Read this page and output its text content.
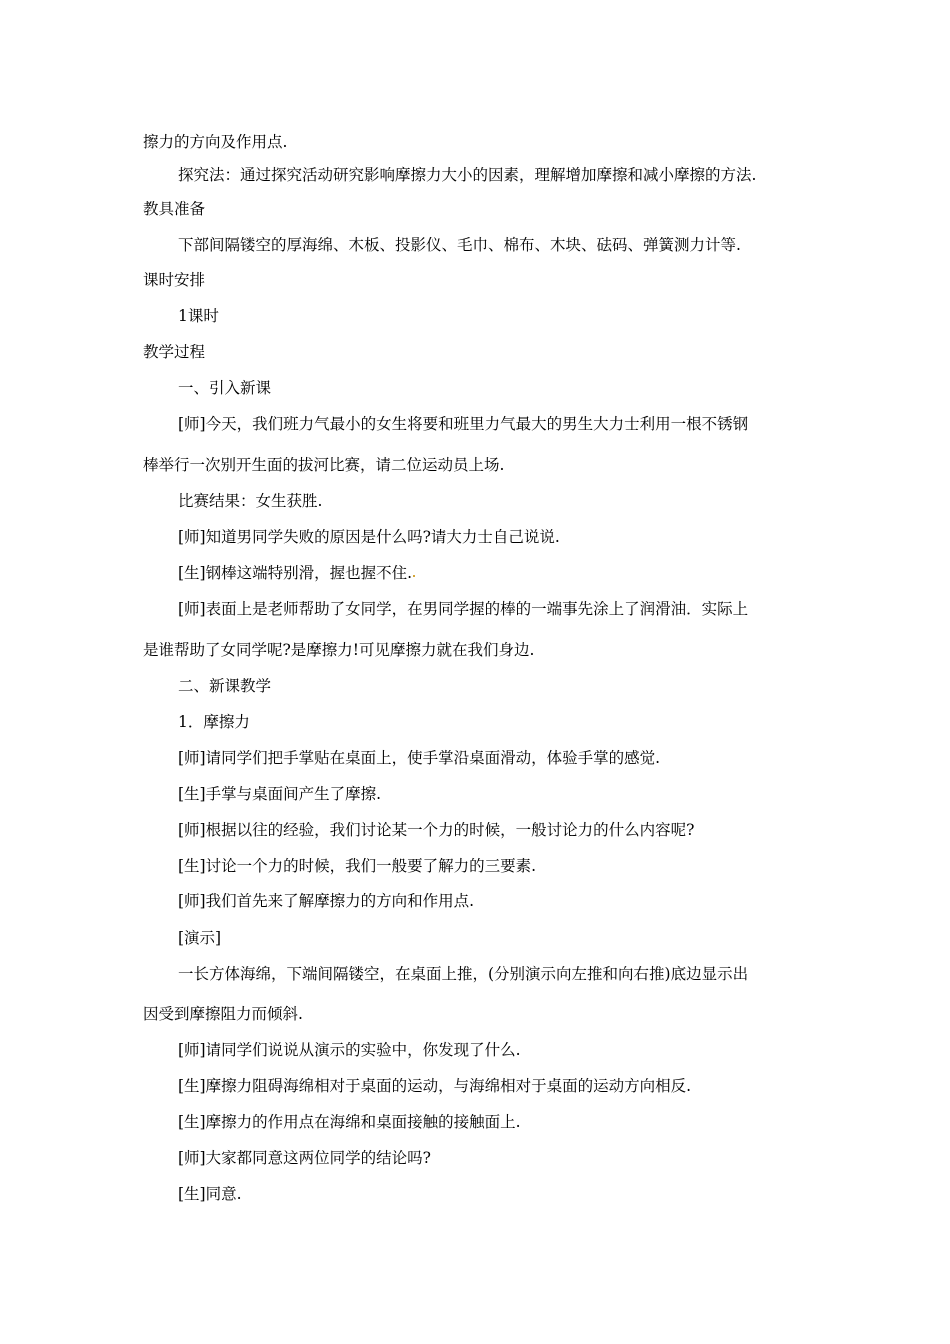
擦力的方向及作用点.
探究法：通过探究活动研究影响摩擦力大小的因素，理解增加摩擦和减小摩擦的方法.
教具准备
下部间隔镂空的厚海绵、木板、投影仪、毛巾、棉布、木块、砝码、弹簧测力计等.
课时安排
1课时
教学过程
一、引入新课
[师]今天，我们班力气最小的女生将要和班里力气最大的男生大力士利用一根不锈钢
棒举行一次别开生面的拔河比赛，请二位运动员上场.
比赛结果：女生获胜.
[师]知道男同学失败的原因是什么吗?请大力士自己说说.
[生]钢棒这端特别滑，握也握不住.
[师]表面上是老师帮助了女同学，在男同学握的棒的一端事先涂上了润滑油．实际上
是谁帮助了女同学呢?是摩擦力!可见摩擦力就在我们身边.
二、新课教学
1．摩擦力
[师]请同学们把手掌贴在桌面上，使手掌沿桌面滑动，体验手掌的感觉.
[生]手掌与桌面间产生了摩擦.
[师]根据以往的经验，我们讨论某一个力的时候，一般讨论力的什么内容呢?
[生]讨论一个力的时候，我们一般要了解力的三要素.
[师]我们首先来了解摩擦力的方向和作用点.
[演示]
一长方体海绵，下端间隔镂空，在桌面上推，(分别演示向左推和向右推)底边显示出
因受到摩擦阻力而倾斜.
[师]请同学们说说从演示的实验中，你发现了什么.
[生]摩擦力阻碍海绵相对于桌面的运动，与海绵相对于桌面的运动方向相反.
[生]摩擦力的作用点在海绵和桌面接触的接触面上.
[师]大家都同意这两位同学的结论吗?
[生]同意.
